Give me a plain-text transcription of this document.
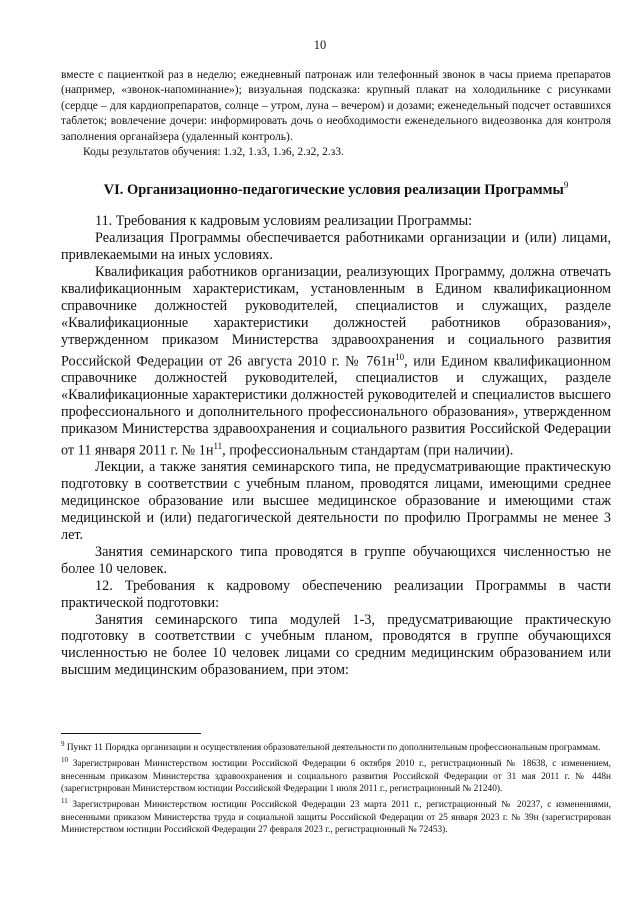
10

вместе с пациенткой раз в неделю; ежедневный патронаж или телефонный звонок в часы приема препаратов (например, «звонок-напоминание»); визуальная подсказка: крупный плакат на холодильнике с рисунками (сердце – для кардиопрепаратов, солнце – утром, луна – вечером) и дозами; еженедельный подсчет оставшихся таблеток; вовлечение дочери: информировать дочь о необходимости еженедельного видеозвонка для контроля заполнения органайзера (удаленный контроль).

Коды результатов обучения: 1.з2, 1.з3, 1.з6, 2.з2, 2.з3.

VI. Организационно-педагогические условия реализации Программы$^9$

11. Требования к кадровым условиям реализации Программы:

Реализация Программы обеспечивается работниками организации и (или) лицами, привлекаемыми на иных условиях.

Квалификация работников организации, реализующих Программу, должна отвечать квалификационным характеристикам, установленным в Едином квалификационном справочнике должностей руководителей, специалистов и служащих, разделе «Квалификационные характеристики должностей работников образования», утвержденном приказом Министерства здравоохранения и социального развития Российской Федерации от 26 августа 2010 г. № $761н^{10}$, или Едином квалификационном справочнике должностей руководителей, специалистов и служащих, разделе «Квалификационные характеристики должностей руководителей и специалистов высшего профессионального и дополнительного профессионального образования», утвержденном приказом Министерства здравоохранения и социального развития Российской Федерации от 11 января 2011 г. № $1н^{11}$, профессиональным стандартам (при наличии).

Лекции, а также занятия семинарского типа, не предусматривающие практическую подготовку в соответствии с учебным планом, проводятся лицами, имеющими среднее медицинское образование или высшее медицинское образование и имеющими стаж медицинской и (или) педагогической деятельности по профилю Программы не менее 3 лет.

Занятия семинарского типа проводятся в группе обучающихся численностью не более 10 человек.

12. Требования к кадровому обеспечению реализации Программы в части практической подготовки:

Занятия семинарского типа модулей 1-3, предусматривающие практическую подготовку в соответствии с учебным планом, проводятся в группе обучающихся численностью не более 10 человек лицами со средним медицинским образованием или высшим медицинским образованием, при этом:

$^9$ Пункт 11 Порядка организации и осуществления образовательной деятельности по дополнительным профессиональным программам.

$^{10}$ Зарегистрирован Министерством юстиции Российской Федерации 6 октября 2010 г., регистрационный № 18638, с изменением, внесенным приказом Министерства здравоохранения и социального развития Российской Федерации от 31 мая 2011 г. № 448н (зарегистрирован Министерством юстиции Российской Федерации 1 июля 2011 г., регистрационный № 21240).

$^{11}$ Зарегистрирован Министерством юстиции Российской Федерации 23 марта 2011 г., регистрационный № 20237, с изменениями, внесенными приказом Министерства труда и социальной защиты Российской Федерации от 25 января 2023 г. № 39н (зарегистрирован Министерством юстиции Российской Федерации 27 февраля 2023 г., регистрационный № 72453).
